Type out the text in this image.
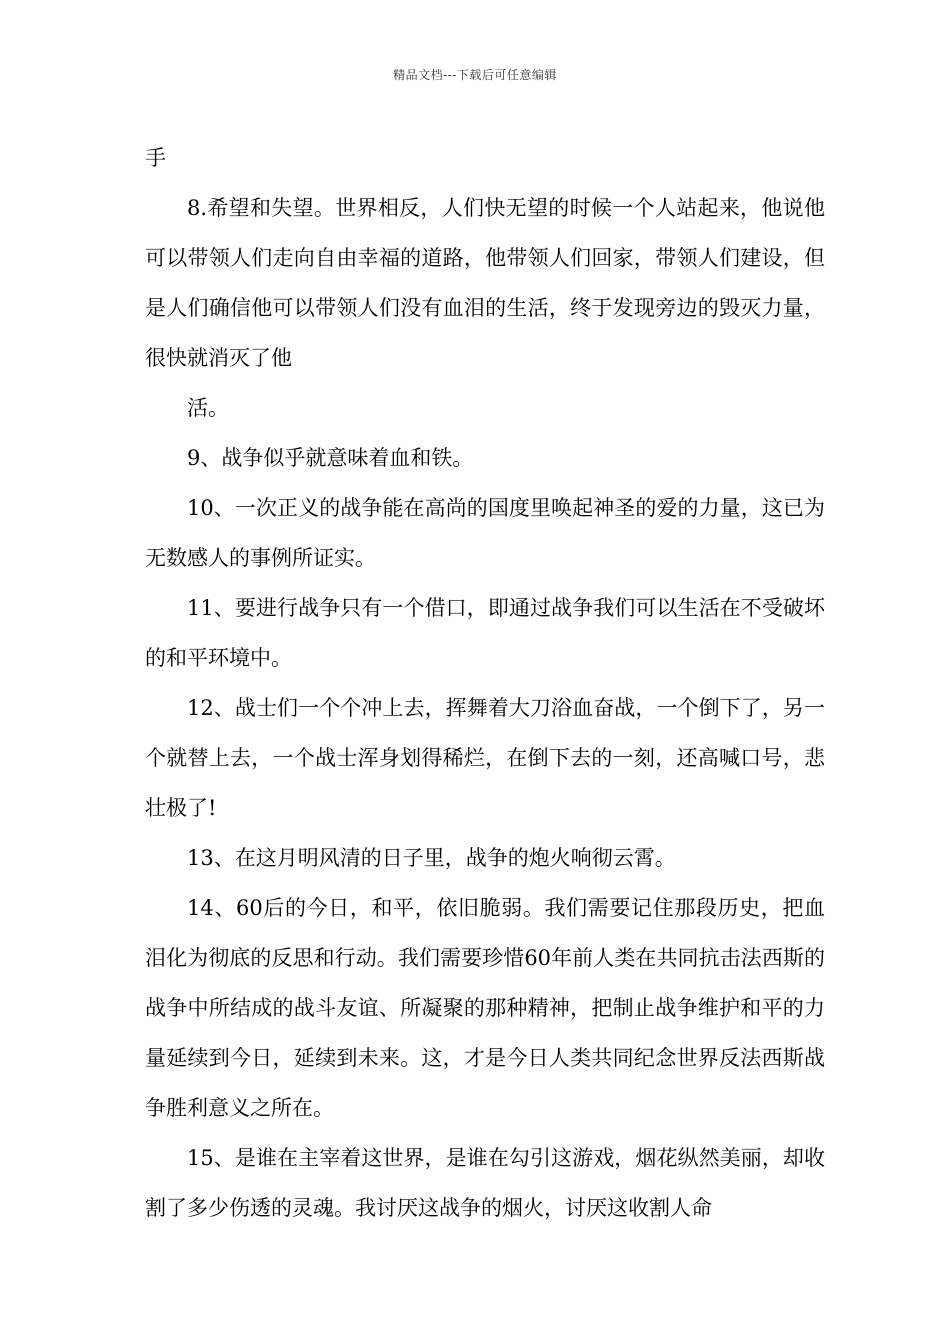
精品文档---下载后可任意编辑

手

8.希望和失望。世界相反，人们快无望的时候一个人站起来，他说他可以带领人们走向自由幸福的道路，他带领人们回家，带领人们建设，但是人们确信他可以带领人们没有血泪的生活，终于发现旁边的毁灭力量，很快就消灭了他

活。

9、战争似乎就意味着血和铁。

10、一次正义的战争能在高尚的国度里唤起神圣的爱的力量，这已为无数感人的事例所证实。

11、要进行战争只有一个借口，即通过战争我们可以生活在不受破坏的和平环境中。

12、战士们一个个冲上去，挥舞着大刀浴血奋战，一个倒下了，另一个就替上去，一个战士浑身划得稀烂，在倒下去的一刻，还高喊口号，悲壮极了!

13、在这月明风清的日子里，战争的炮火响彻云霄。

14、60后的今日，和平，依旧脆弱。我们需要记住那段历史，把血泪化为彻底的反思和行动。我们需要珍惜60年前人类在共同抗击法西斯的战争中所结成的战斗友谊、所凝聚的那种精神，把制止战争维护和平的力量延续到今日，延续到未来。这，才是今日人类共同纪念世界反法西斯战争胜利意义之所在。

15、是谁在主宰着这世界，是谁在勾引这游戏，烟花纵然美丽，却收割了多少伤透的灵魂。我讨厌这战争的烟火，讨厌这收割人命
